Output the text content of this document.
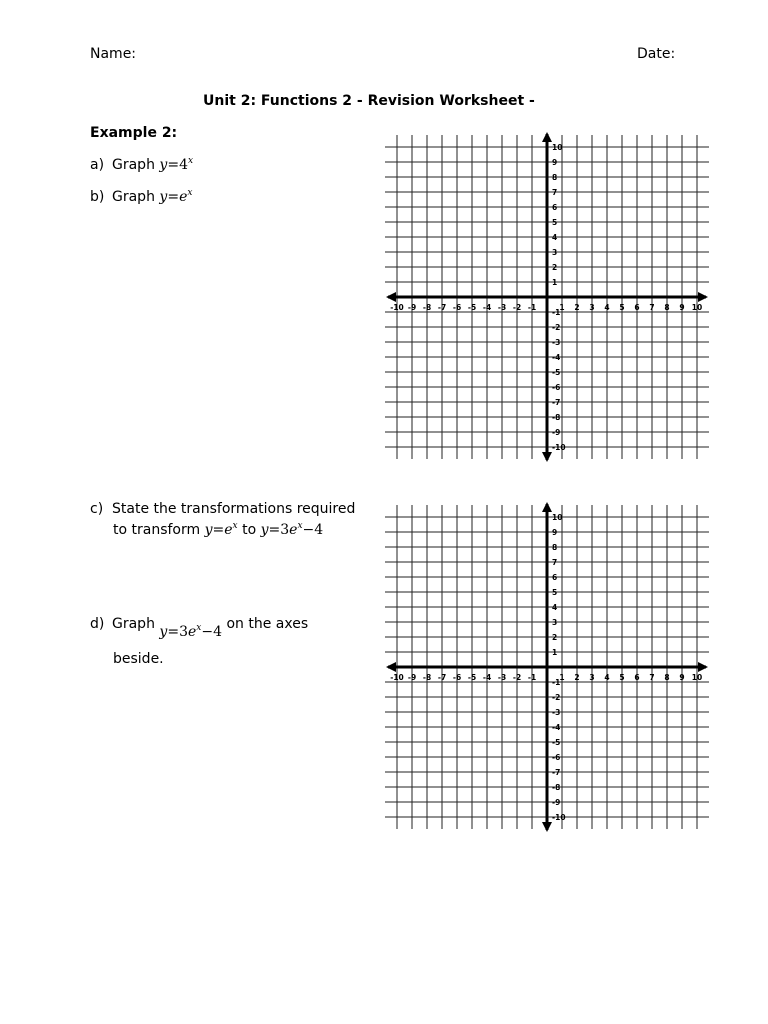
Name:	Date:
Unit 2: Functions 2 - Revision Worksheet -
Example 2:
a) Graph $y=4^x$
b) Graph $y=e^x$
c) State the transformations required
to transform $y=e^x$ to $y=3e^x-4$
d) Graph $y=3e^x-4$ on the axes
beside.
-10 -9 -8 -7 -6 -5 -4 -3 -2 -1	1 2 3 4 5 6 7 8 9 10
10
9
8
7
6
5
4
3
2
1
-1
-2
-3
-4
-5
-6
-7
-8
-9
-10
-10 -9 -8 -7 -6 -5 -4 -3 -2 -1	1 2 3 4 5 6 7 8 9 10
10
9
8
7
6
5
4
3
2
1
-1
-2
-3
-4
-5
-6
-7
-8
-9
-10
